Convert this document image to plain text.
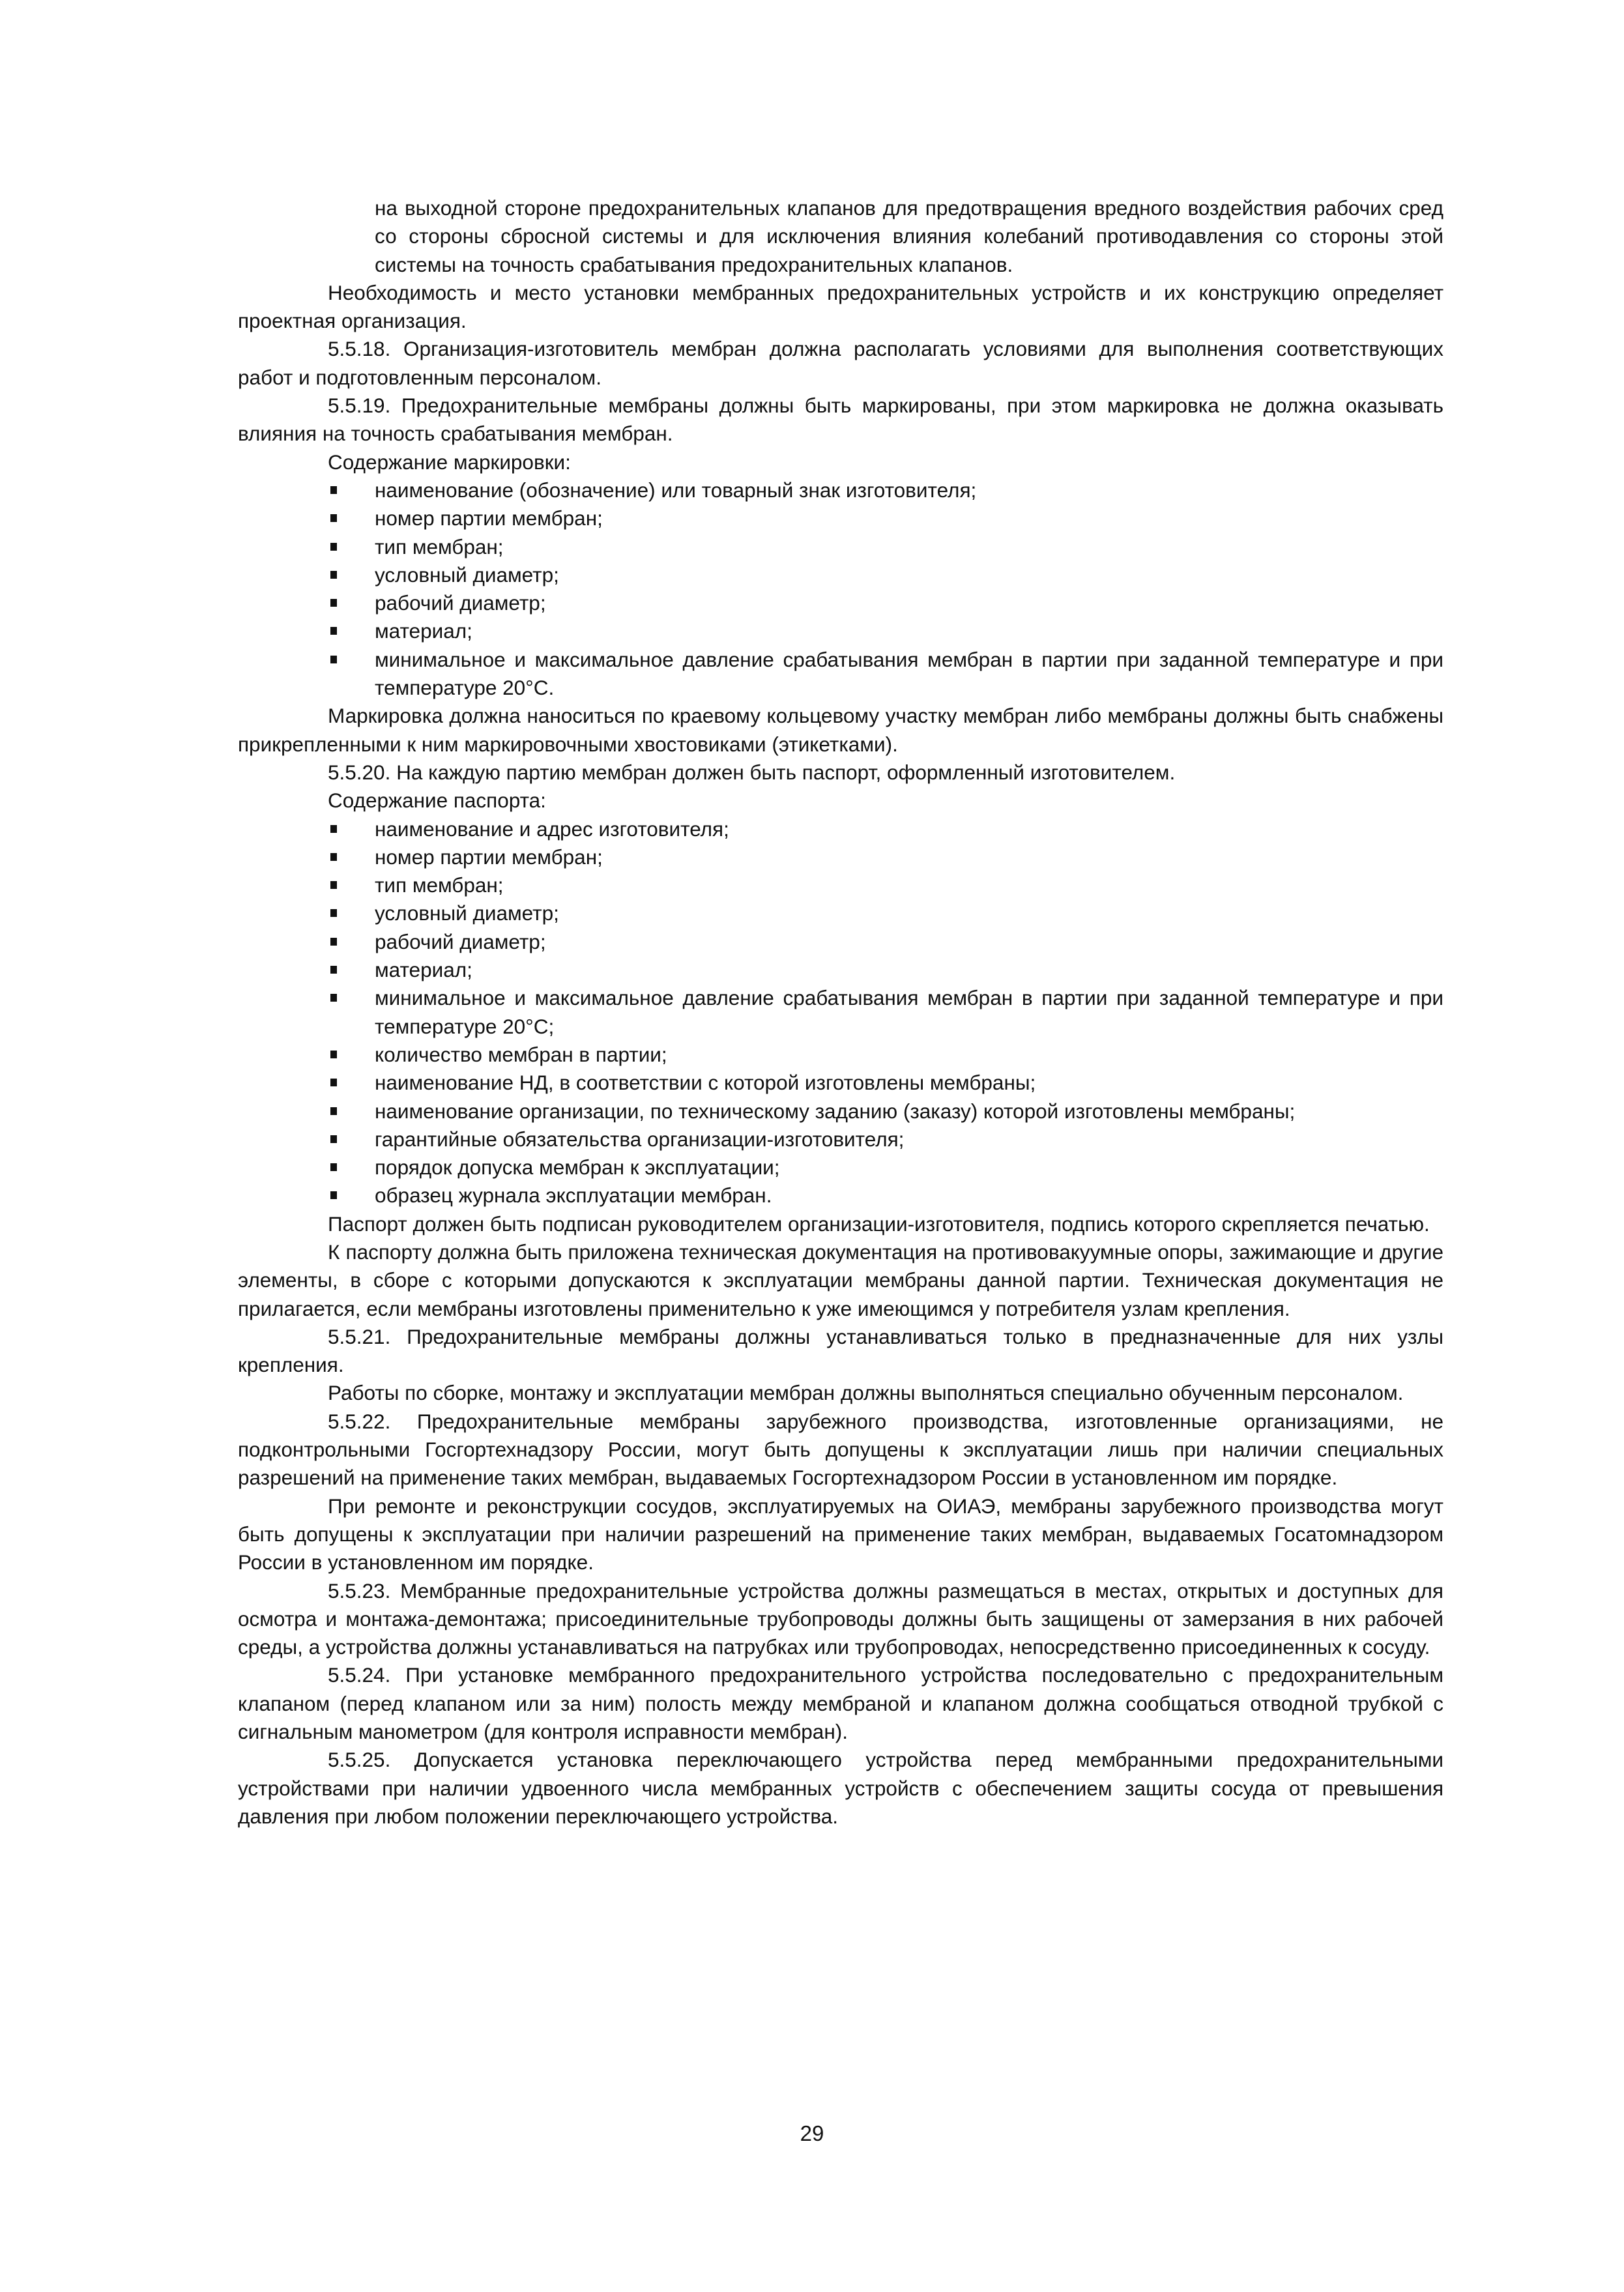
на выходной стороне предохранительных клапанов для предотвращения вредного воздействия рабочих сред со стороны сбросной системы и для исключения влияния колебаний противодавления со стороны этой системы на точность срабатывания предохранительных клапанов.

Необходимость и место установки мембранных предохранительных устройств и их конструкцию определяет проектная организация.

5.5.18. Организация-изготовитель мембран должна располагать условиями для выполнения соответствующих работ и подготовленным персоналом.

5.5.19. Предохранительные мембраны должны быть маркированы, при этом маркировка не должна оказывать влияния на точность срабатывания мембран.

Содержание маркировки:

наименование (обозначение) или товарный знак изготовителя;
номер партии мембран;
тип мембран;
условный диаметр;
рабочий диаметр;
материал;
минимальное и максимальное давление срабатывания мембран в партии при заданной температуре и при температуре 20°С.

Маркировка должна наноситься по краевому кольцевому участку мембран либо мембраны должны быть снабжены прикрепленными к ним маркировочными хвостовиками (этикетками).

5.5.20. На каждую партию мембран должен быть паспорт, оформленный изготовителем.

Содержание паспорта:

наименование и адрес изготовителя;
номер партии мембран;
тип мембран;
условный диаметр;
рабочий диаметр;
материал;
минимальное и максимальное давление срабатывания мембран в партии при заданной температуре и при температуре 20°С;
количество мембран в партии;
наименование НД, в соответствии с которой изготовлены мембраны;
наименование организации, по техническому заданию (заказу) которой изготовлены мембраны;
гарантийные обязательства организации-изготовителя;
порядок допуска мембран к эксплуатации;
образец журнала эксплуатации мембран.

Паспорт должен быть подписан руководителем организации-изготовителя, подпись которого скрепляется печатью.

К паспорту должна быть приложена техническая документация на противовакуумные опоры, зажимающие и другие элементы, в сборе с которыми допускаются к эксплуатации мембраны данной партии. Техническая документация не прилагается, если мембраны изготовлены применительно к уже имеющимся у потребителя узлам крепления.

5.5.21. Предохранительные мембраны должны устанавливаться только в предназначенные для них узлы крепления.

Работы по сборке, монтажу и эксплуатации мембран должны выполняться специально обученным персоналом.

5.5.22. Предохранительные мембраны зарубежного производства, изготовленные организациями, не подконтрольными Госгортехнадзору России, могут быть допущены к эксплуатации лишь при наличии специальных разрешений на применение таких мембран, выдаваемых Госгортехнадзором России в установленном им порядке.

При ремонте и реконструкции сосудов, эксплуатируемых на ОИАЭ, мембраны зарубежного производства могут быть допущены к эксплуатации при наличии разрешений на применение таких мембран, выдаваемых Госатомнадзором России в установленном им порядке.

5.5.23. Мембранные предохранительные устройства должны размещаться в местах, открытых и доступных для осмотра и монтажа-демонтажа; присоединительные трубопроводы должны быть защищены от замерзания в них рабочей среды, а устройства должны устанавливаться на патрубках или трубопроводах, непосредственно присоединенных к сосуду.

5.5.24. При установке мембранного предохранительного устройства последовательно с предохранительным клапаном (перед клапаном или за ним) полость между мембраной и клапаном должна сообщаться отводной трубкой с сигнальным манометром (для контроля исправности мембран).

5.5.25. Допускается установка переключающего устройства перед мембранными предохранительными устройствами при наличии удвоенного числа мембранных устройств с обеспечением защиты сосуда от превышения давления при любом положении переключающего устройства.

29
